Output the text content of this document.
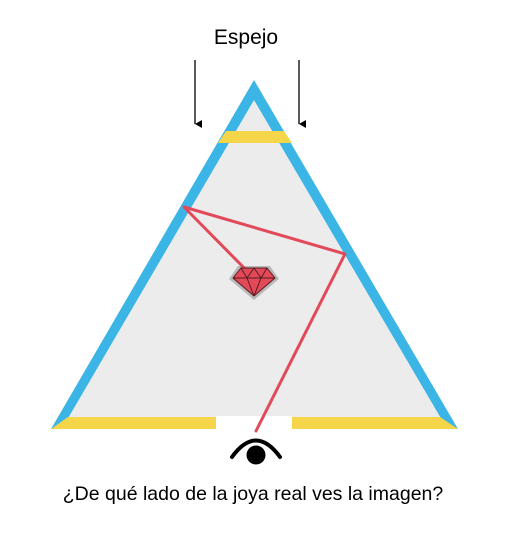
Espejo
¿De qué lado de la joya real ves la imagen?
